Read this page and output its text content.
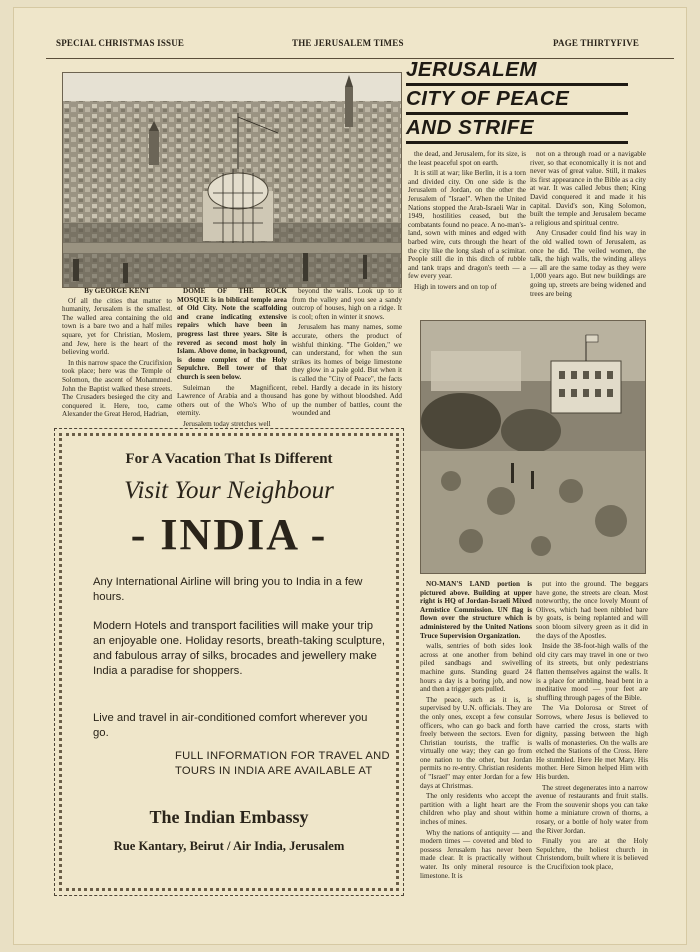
SPECIAL CHRISTMAS ISSUE	THE JERUSALEM TIMES	PAGE THIRTYFIVE
JERUSALEM
CITY OF PEACE
AND STRIFE
By GEORGE KENT

Of all the cities that matter to humanity, Jerusalem is the smallest. The walled area containing the old town is a bare two and a half miles square, yet for Christian, Moslem, and Jew, here is the heart of the believing world.

In this narrow space the Crucifixion took place; here was the Temple of Solomon, the ascent of Mohammed. John the Baptist walked these streets. The Crusaders besieged the city and conquered it. Here, too, came Alexander the Great Herod, Hadrian,

DOME OF THE ROCK MOSQUE is in biblical temple area of Old City. Note the scaffolding and crane indicating extensive repairs which have been in progress last three years. Site is revered as second most holy in Islam. Above dome, in background, is dome complex of the Holy Sepulchre. Bell tower of that church is seen below.

Suleiman the Magnificent, Lawrence of Arabia and a thousand others out of the Who's Who of eternity.

Jerusalem today stretches well

beyond the walls. Look up to it from the valley and you see a sandy outcrop of houses, high on a ridge. It is cool; often in winter it snows.

Jerusalem has many names, some accurate, others the product of wishful thinking. "The Golden," we can understand, for when the sun strikes its homes of beige limestone they glow in a pale gold. But when it is called the "City of Peace", the facts rebel. Hardly a decade in its history has gone by without bloodshed. Add up the number of battles, count the wounded and

the dead, and Jerusalem, for its size, is the least peaceful spot on earth.

It is still at war; like Berlin, it is a torn and divided city. On one side is the Jerusalem of Jordan, on the other the Jerusalem of "Israel". When the United Nations stopped the Arab-Israeli War in 1949, hostilities ceased, but the combatants found no peace. A no-man's-land, sown with mines and edged with barbed wire, cuts through the heart of the city like the long slash of a scimitar. People still die in this ditch of rubble and tank traps and dragon's teeth — a few every year.

High in towers and on top of

not on a through road or a navigable river, so that economically it is not and never was of great value. Still, it makes its first appearance in the Bible as a city at war. It was called Jebus then; King David conquered it and made it his capital. David's son, King Solomon, built the temple and Jerusalem became a religious and spiritual centre.

Any Crusader could find his way in the old walled town of Jerusalem, as once he did. The veiled women, the talk, the high walls, the winding alleys — all are the same today as they were 1,000 years ago. But new buildings are going up, streets are being widened and trees are being

NO-MAN'S LAND portion is pictured above. Building at upper right is HQ of Jordan-Israeli Mixed Armistice Commission. UN flag is flown over the structure which is administered by the United Nations Truce Supervision Organization.

walls, sentries of both sides look across at one another from behind piled sandbags and swivelling machine guns. Standing guard 24 hours a day is a boring job, and now and then a trigger gets pulled.

The peace, such as it is, is supervised by U.N. officials. They are the only ones, except a few consular officers, who can go back and forth freely between the sectors. Even for Christian tourists, the traffic is virtually one way; they can go from one nation to the other, but Jordan permits no re-entry. Christian residents of "Israel" may enter Jordan for a few days at Christmas.

The only residents who accept the partition with a light heart are the children who play and shout within inches of mines.

Why the nations of antiquity — and modern times — coveted and bled to possess Jerusalem has never been made clear. It is practically without water. Its only mineral resource is limestone. It is

put into the ground. The beggars have gone, the streets are clean. Most noteworthy, the once lovely Mount of Olives, which had been nibbled bare by goats, is being replanted and will soon bloom silvery green as it did in the days of the Apostles.

Inside the 38-foot-high walls of the old city cars may travel in one or two of its streets, but only pedestrians flatten themselves against the walls. It is a place for ambling, head bent in a meditative mood — your feet are shuffling through pages of the Bible.

The Via Dolorosa or Street of Sorrows, where Jesus is believed to have carried the cross, starts with dignity, passing between the high walls of monasteries. On the walls are etched the Stations of the Cross. Here He stumbled. Here He met Mary. His mother. Here Simon helped Him with His burden.

The street degenerates into a narrow avenue of restaurants and fruit stalls. From the souvenir shops you can take home a miniature crown of thorns, a rosary, or a bottle of holy water from the River Jordan.

Finally you are at the Holy Sepulchre, the holiest church in Christendom, built where it is believed the Crucifixion took place,

For A Vacation That Is Different
Visit Your Neighbour
- INDIA -
Any International Airline will bring you to India in a few hours.
Modern Hotels and transport facilities will make your trip an enjoyable one. Holiday resorts, breath-taking sculpture, and fabulous array of silks, brocades and jewellery make India a paradise for shoppers.
Live and travel in air-conditioned comfort wherever you go.
FULL INFORMATION FOR TRAVEL AND TOURS IN INDIA ARE AVAILABLE AT
The Indian Embassy
Rue Kantary, Beirut / Air India, Jerusalem
